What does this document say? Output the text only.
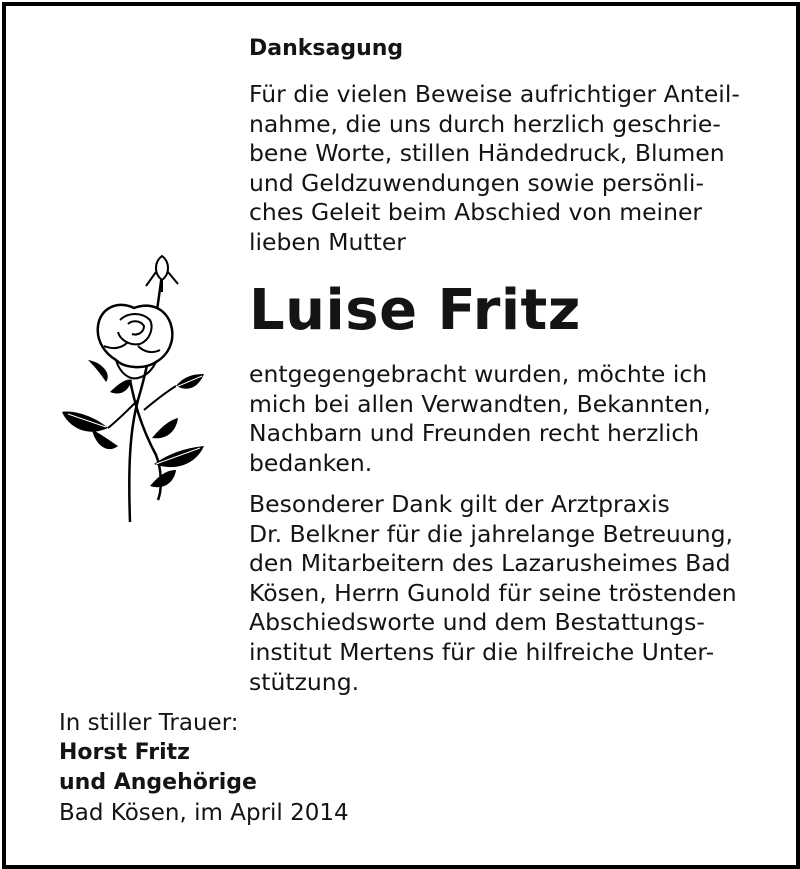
Danksagung

Für die vielen Beweise aufrichtiger Anteil-
nahme, die uns durch herzlich geschrie-
bene Worte, stillen Händedruck, Blumen
und Geldzuwendungen sowie persönli-
ches Geleit beim Abschied von meiner
lieben Mutter

Luise Fritz

entgegengebracht wurden, möchte ich
mich bei allen Verwandten, Bekannten,
Nachbarn und Freunden recht herzlich
bedanken.

Besonderer Dank gilt der Arztpraxis
Dr. Belkner für die jahrelange Betreuung,
den Mitarbeitern des Lazarusheimes Bad
Kösen, Herrn Gunold für seine tröstenden
Abschiedsworte und dem Bestattungs-
institut Mertens für die hilfreiche Unter-
stützung.

In stiller Trauer:
Horst Fritz
und Angehörige
Bad Kösen, im April 2014
